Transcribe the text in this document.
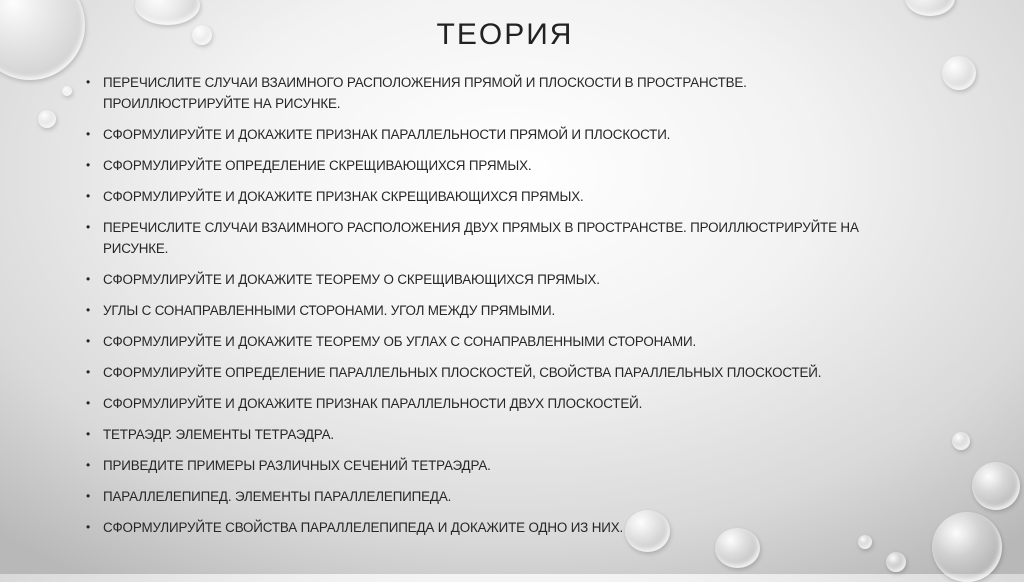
ТЕОРИЯ
• ПЕРЕЧИСЛИТЕ СЛУЧАИ ВЗАИМНОГО РАСПОЛОЖЕНИЯ ПРЯМОЙ И ПЛОСКОСТИ В ПРОСТРАНСТВЕ.
ПРОИЛЛЮСТРИРУЙТЕ НА РИСУНКЕ.
• СФОРМУЛИРУЙТЕ И ДОКАЖИТЕ ПРИЗНАК ПАРАЛЛЕЛЬНОСТИ ПРЯМОЙ И ПЛОСКОСТИ.
• СФОРМУЛИРУЙТЕ ОПРЕДЕЛЕНИЕ СКРЕЩИВАЮЩИХСЯ ПРЯМЫХ.
• СФОРМУЛИРУЙТЕ И ДОКАЖИТЕ ПРИЗНАК СКРЕЩИВАЮЩИХСЯ ПРЯМЫХ.
• ПЕРЕЧИСЛИТЕ СЛУЧАИ ВЗАИМНОГО РАСПОЛОЖЕНИЯ ДВУХ ПРЯМЫХ В ПРОСТРАНСТВЕ. ПРОИЛЛЮСТРИРУЙТЕ НА
РИСУНКЕ.
• СФОРМУЛИРУЙТЕ И ДОКАЖИТЕ ТЕОРЕМУ О СКРЕЩИВАЮЩИХСЯ ПРЯМЫХ.
• УГЛЫ С СОНАПРАВЛЕННЫМИ СТОРОНАМИ. УГОЛ МЕЖДУ ПРЯМЫМИ.
• СФОРМУЛИРУЙТЕ И ДОКАЖИТЕ ТЕОРЕМУ ОБ УГЛАХ С СОНАПРАВЛЕННЫМИ СТОРОНАМИ.
• СФОРМУЛИРУЙТЕ ОПРЕДЕЛЕНИЕ ПАРАЛЛЕЛЬНЫХ ПЛОСКОСТЕЙ, СВОЙСТВА ПАРАЛЛЕЛЬНЫХ ПЛОСКОСТЕЙ.
• СФОРМУЛИРУЙТЕ И ДОКАЖИТЕ ПРИЗНАК ПАРАЛЛЕЛЬНОСТИ ДВУХ ПЛОСКОСТЕЙ.
• ТЕТРАЭДР. ЭЛЕМЕНТЫ ТЕТРАЭДРА.
• ПРИВЕДИТЕ ПРИМЕРЫ РАЗЛИЧНЫХ СЕЧЕНИЙ ТЕТРАЭДРА.
• ПАРАЛЛЕЛЕПИПЕД. ЭЛЕМЕНТЫ ПАРАЛЛЕЛЕПИПЕДА.
• СФОРМУЛИРУЙТЕ СВОЙСТВА ПАРАЛЛЕЛЕПИПЕДА И ДОКАЖИТЕ ОДНО ИЗ НИХ.
